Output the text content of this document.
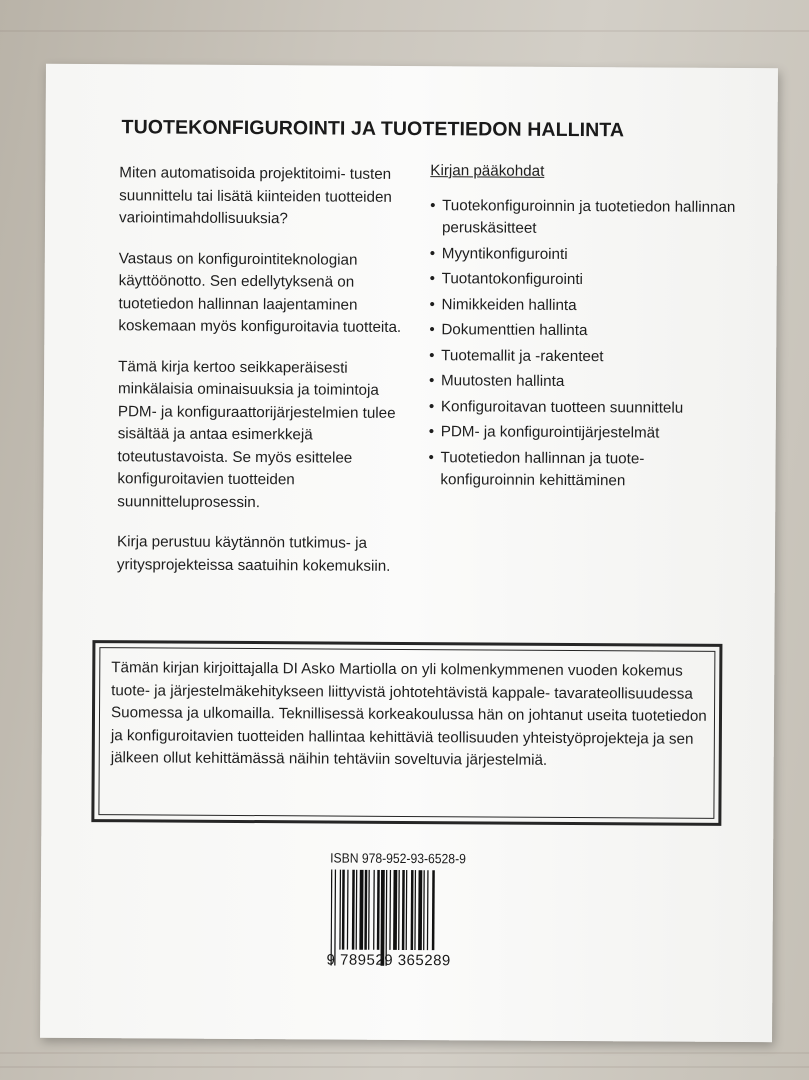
TUOTEKONFIGUROINTI JA TUOTETIEDON HALLINTA

Miten automatisoida projektitoimi- tusten suunnittelu tai lisätä kiinteiden tuotteiden variointimahdollisuuksia?

Vastaus on konfigurointiteknologian käyttöönotto. Sen edellytyksenä on tuotetiedon hallinnan laajentaminen koskemaan myös konfiguroitavia tuotteita.

Tämä kirja kertoo seikkaperäisesti minkälaisia ominaisuuksia ja toimintoja PDM- ja konfiguraattorijärjestelmien tulee sisältää ja antaa esimerkkejä toteutustavoista. Se myös esittelee konfiguroitavien tuotteiden suunnitteluprosessin.

Kirja perustuu käytännön tutkimus- ja yritysprojekteissa saatuihin kokemuksiin.

Kirjan pääkohdat
• Tuotekonfiguroinnin ja tuotetiedon hallinnan peruskäsitteet
• Myyntikonfigurointi
• Tuotantokonfigurointi
• Nimikkeiden hallinta
• Dokumenttien hallinta
• Tuotemallit ja -rakenteet
• Muutosten hallinta
• Konfiguroitavan tuotteen suunnittelu
• PDM- ja konfigurointijärjestelmät
• Tuotetiedon hallinnan ja tuote- konfiguroinnin kehittäminen
Tämän kirjan kirjoittajalla DI Asko Martiolla on yli kolmenkymmenen vuoden kokemus tuote- ja järjestelmäkehitykseen liittyvistä johtotehtävistä kappale- tavarateollisuudessa Suomessa ja ulkomailla. Teknillisessä korkeakoulussa hän on johtanut useita tuotetiedon ja konfiguroitavien tuotteiden hallintaa kehittäviä teollisuuden yhteistyöprojekteja ja sen jälkeen ollut kehittämässä näihin tehtäviin soveltuvia järjestelmiä.
ISBN 978-952-93-6528-9
9 789529 365289
